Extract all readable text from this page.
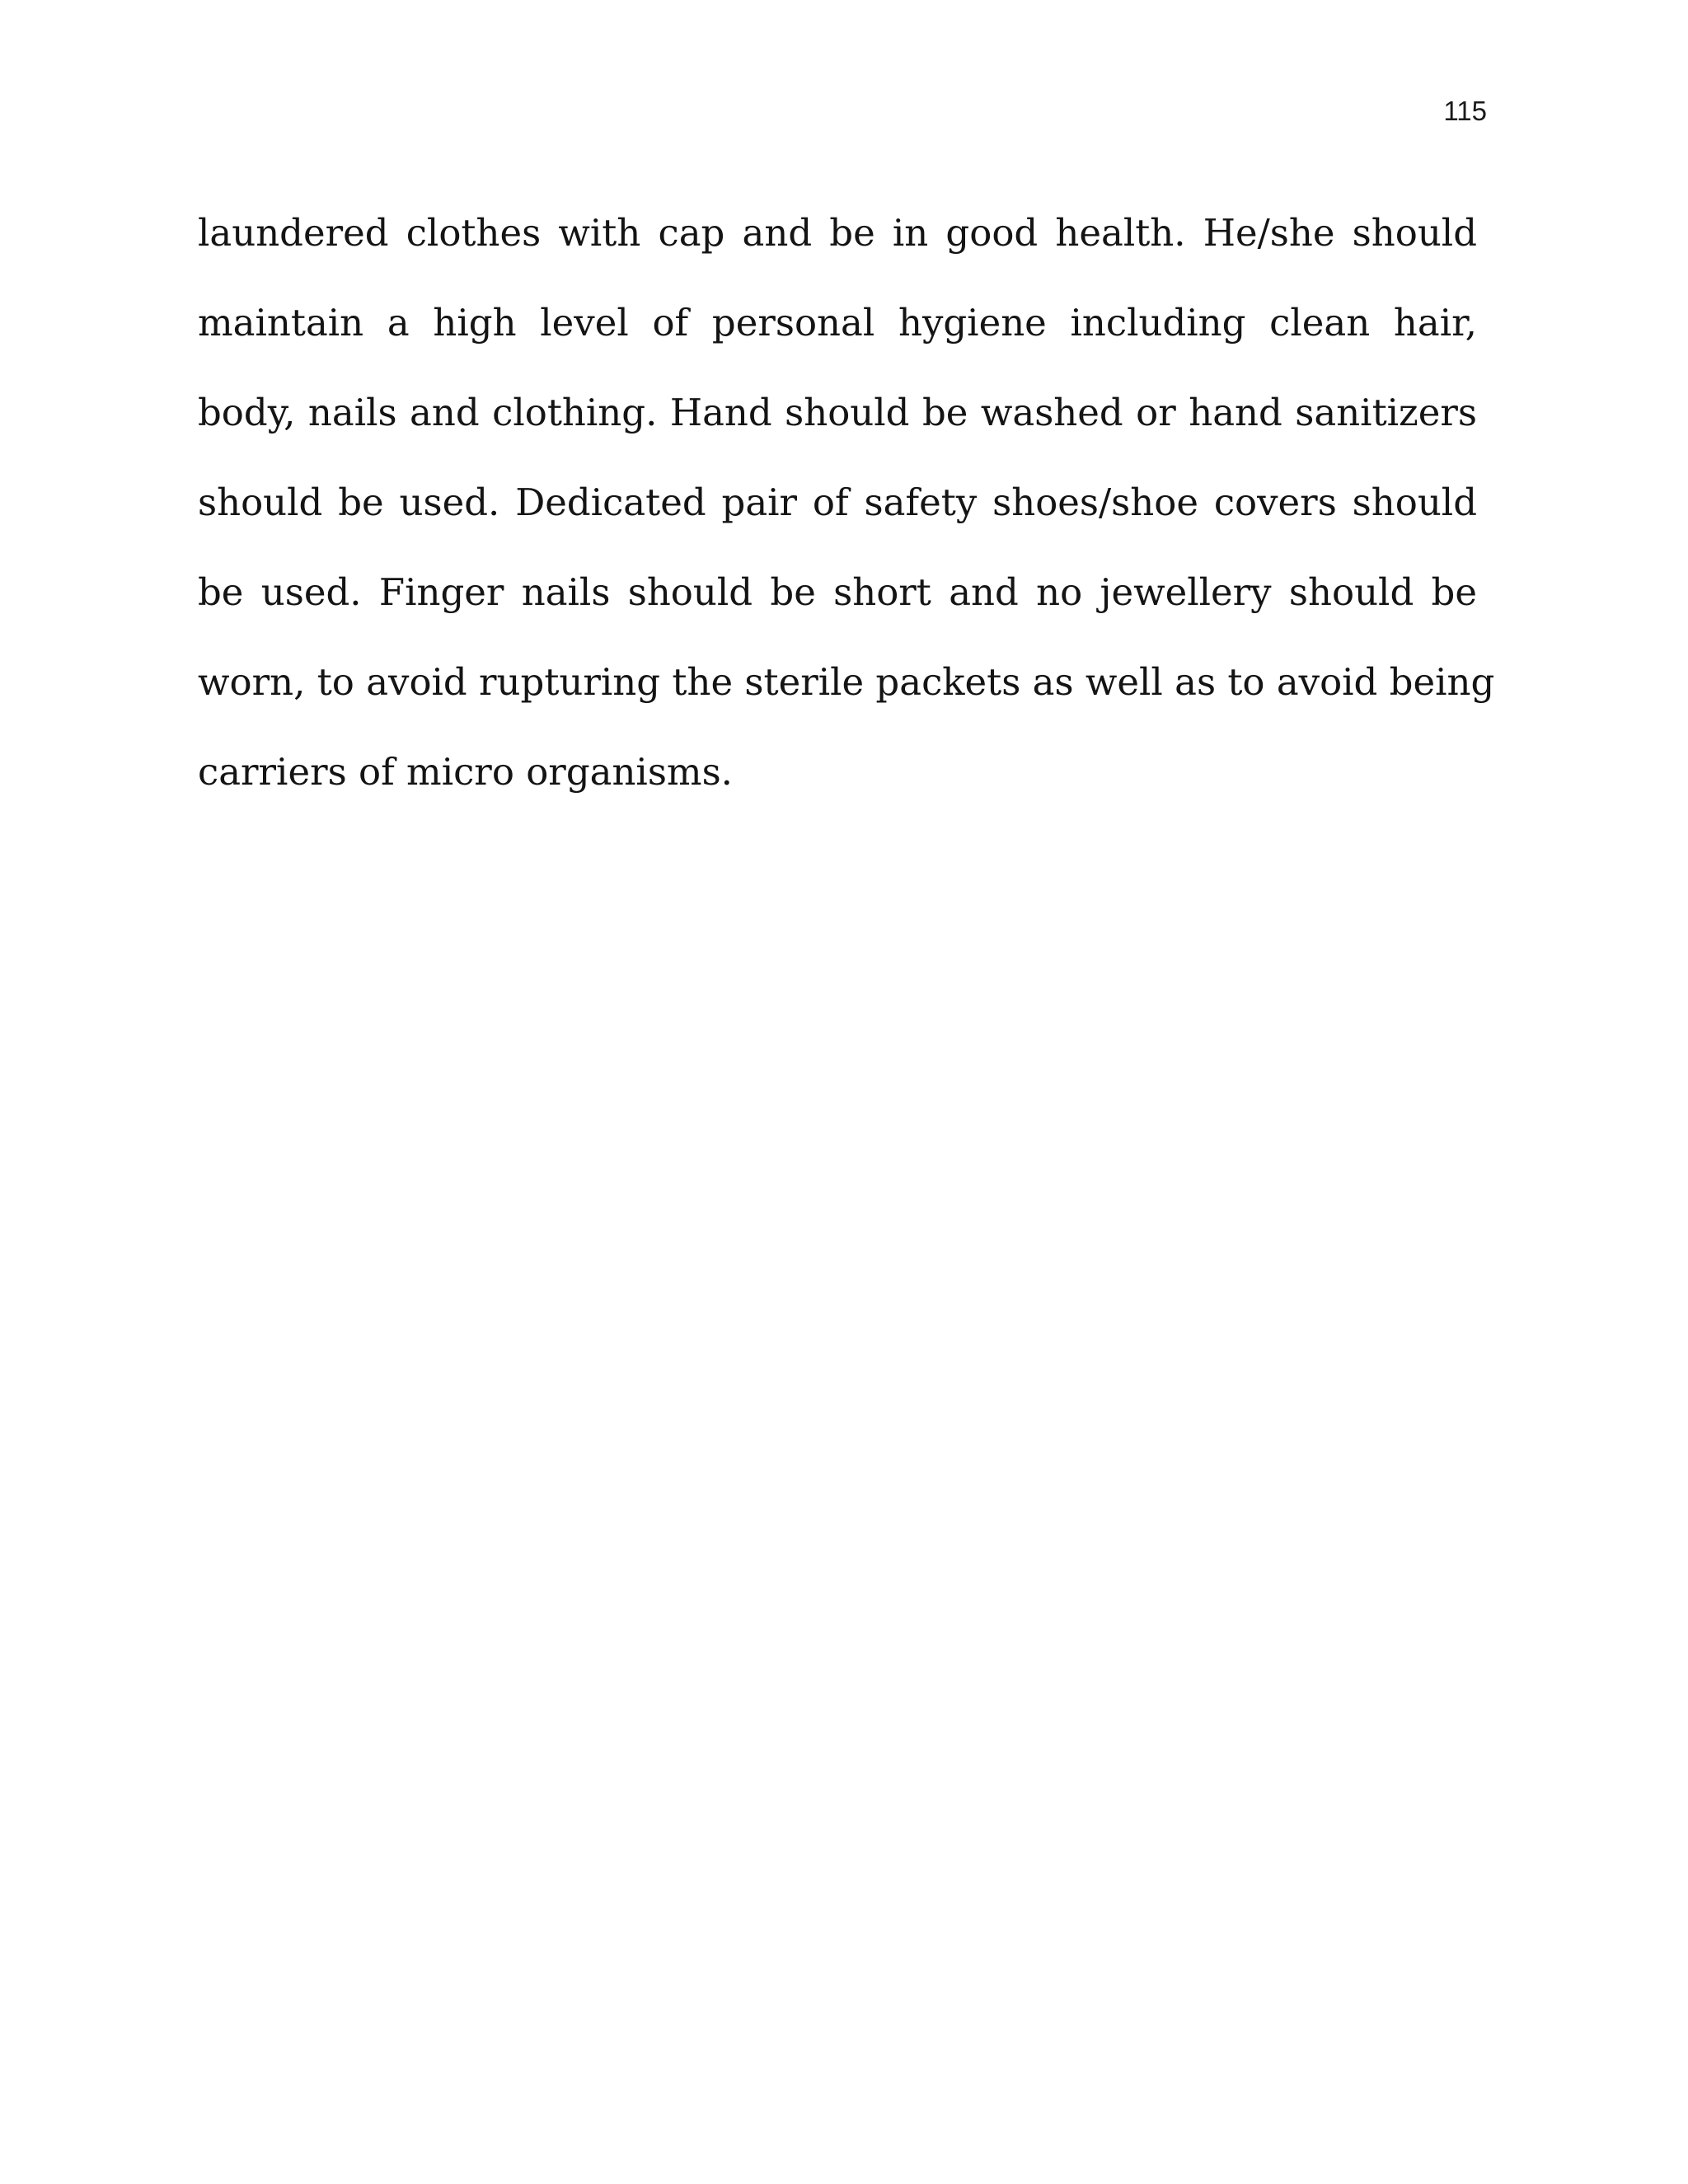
115
laundered clothes with cap and be in good health. He/she should
maintain a high level of personal hygiene including clean hair,
body, nails and clothing. Hand should be washed or hand sanitizers
should be used. Dedicated pair of safety shoes/shoe covers should
be used. Finger nails should be short and no jewellery should be
worn, to avoid rupturing the sterile packets as well as to avoid being
carriers of micro organisms.
